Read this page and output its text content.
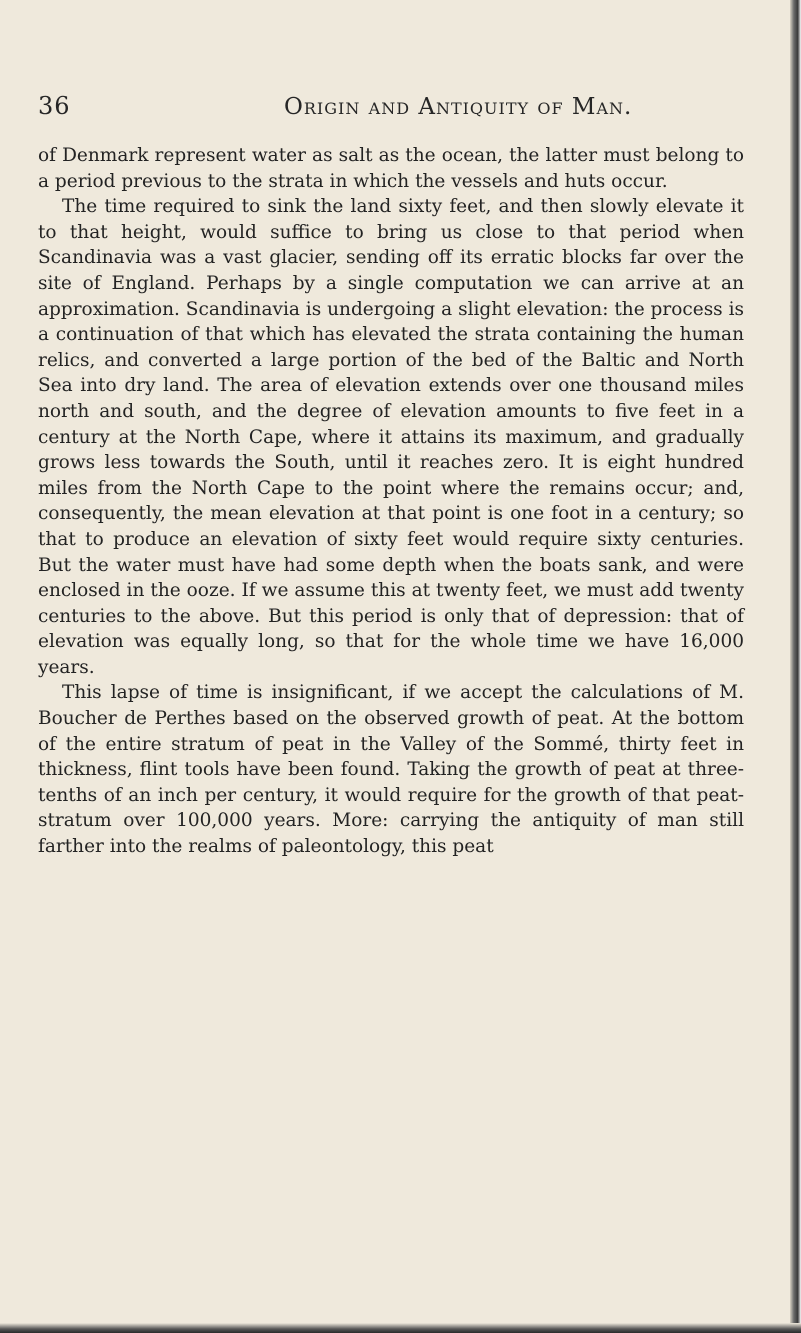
36	Origin and Antiquity of Man.

of Denmark represent water as salt as the ocean, the latter must belong to a period previous to the strata in which the vessels and huts occur.

The time required to sink the land sixty feet, and then slowly elevate it to that height, would suffice to bring us close to that period when Scandinavia was a vast glacier, sending off its erratic blocks far over the site of England. Perhaps by a single computation we can arrive at an approximation. Scandinavia is undergoing a slight elevation: the process is a continuation of that which has elevated the strata containing the human relics, and converted a large portion of the bed of the Baltic and North Sea into dry land. The area of elevation extends over one thousand miles north and south, and the degree of elevation amounts to five feet in a century at the North Cape, where it attains its maximum, and gradually grows less towards the South, until it reaches zero. It is eight hundred miles from the North Cape to the point where the remains occur; and, consequently, the mean elevation at that point is one foot in a century; so that to produce an elevation of sixty feet would require sixty centuries. But the water must have had some depth when the boats sank, and were enclosed in the ooze. If we assume this at twenty feet, we must add twenty centuries to the above. But this period is only that of depression: that of elevation was equally long, so that for the whole time we have 16,000 years.

This lapse of time is insignificant, if we accept the calculations of M. Boucher de Perthes based on the observed growth of peat. At the bottom of the entire stratum of peat in the Valley of the Sommé, thirty feet in thickness, flint tools have been found. Taking the growth of peat at three-tenths of an inch per century, it would require for the growth of that peat-stratum over 100,000 years. More: carrying the antiquity of man still farther into the realms of paleontology, this peat
